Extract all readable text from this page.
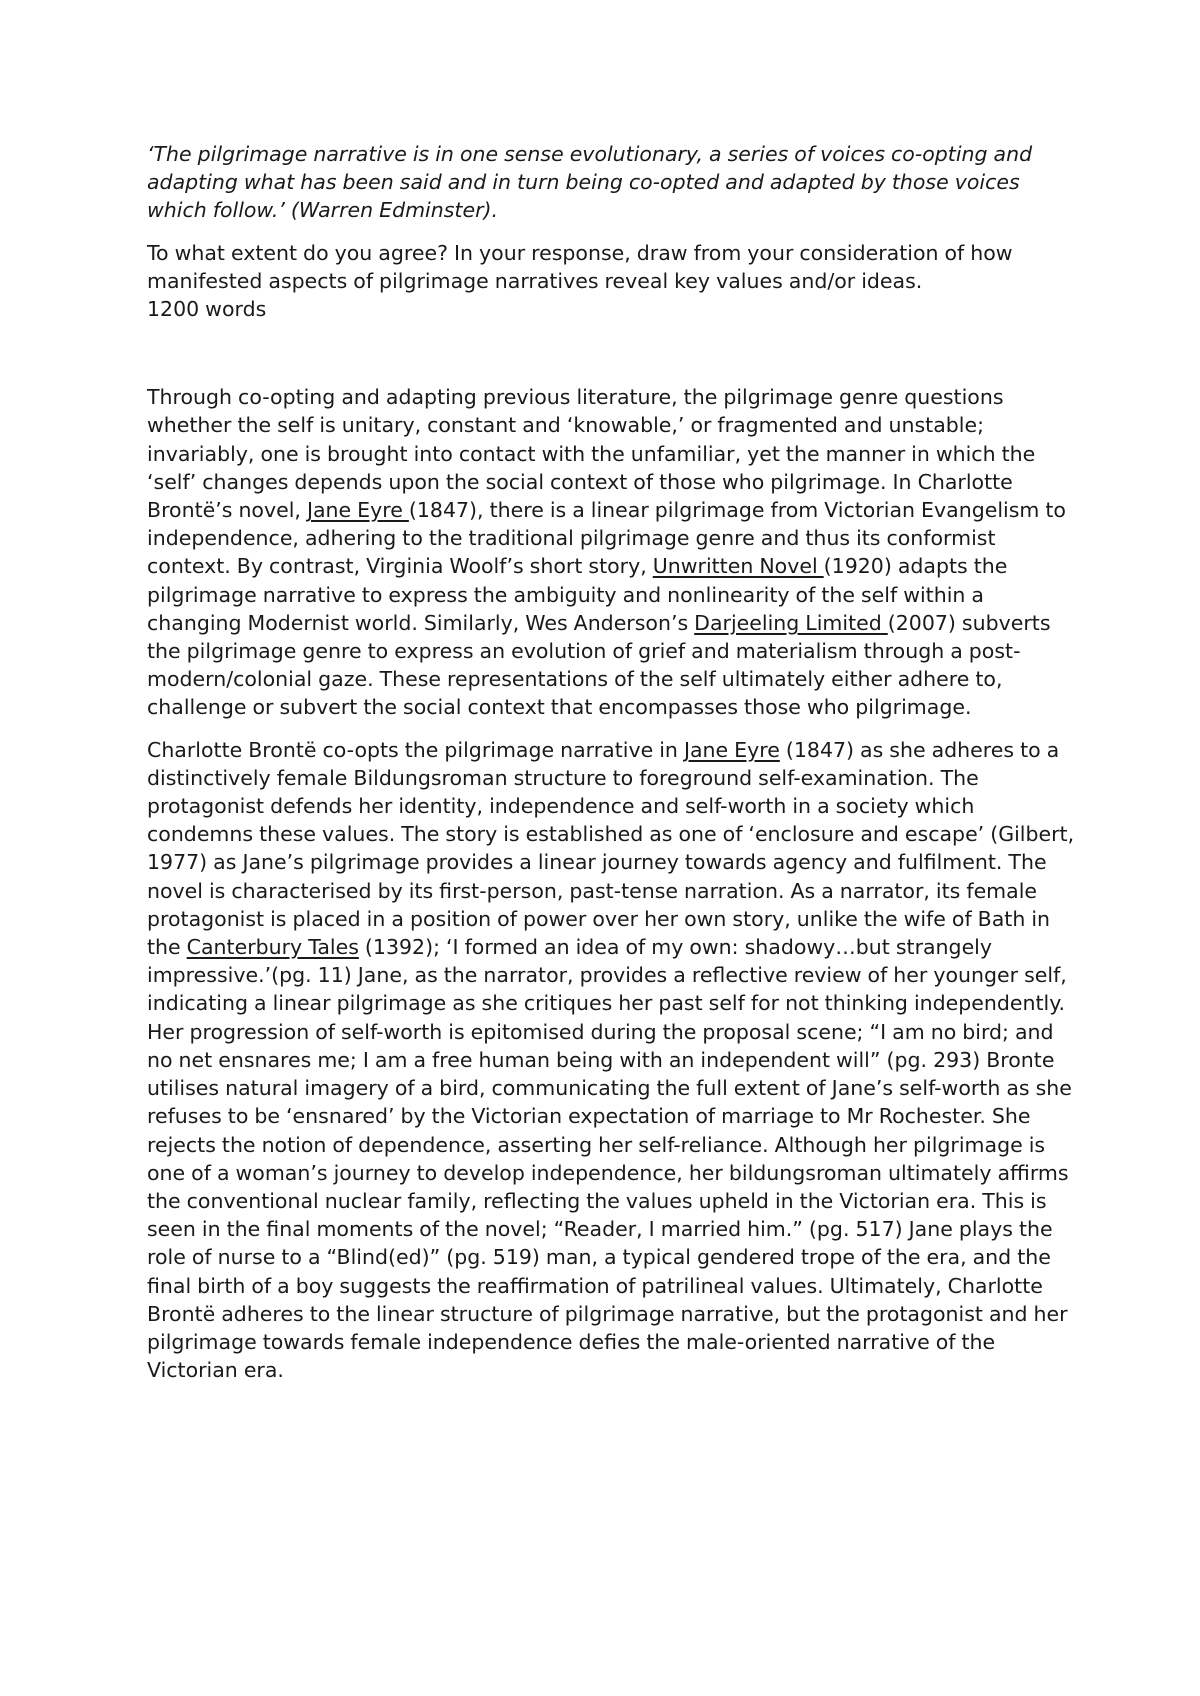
‘The pilgrimage narrative is in one sense evolutionary, a series of voices co-opting and adapting what has been said and in turn being co-opted and adapted by those voices which follow.’ (Warren Edminster).

To what extent do you agree? In your response, draw from your consideration of how manifested aspects of pilgrimage narratives reveal key values and/or ideas.
1200 words

Through co-opting and adapting previous literature, the pilgrimage genre questions whether the self is unitary, constant and ‘knowable,’ or fragmented and unstable; invariably, one is brought into contact with the unfamiliar, yet the manner in which the ‘self’ changes depends upon the social context of those who pilgrimage. In Charlotte Brontë’s novel, Jane Eyre (1847), there is a linear pilgrimage from Victorian Evangelism to independence, adhering to the traditional pilgrimage genre and thus its conformist context. By contrast, Virginia Woolf’s short story, Unwritten Novel (1920) adapts the pilgrimage narrative to express the ambiguity and nonlinearity of the self within a changing Modernist world. Similarly, Wes Anderson’s Darjeeling Limited (2007) subverts the pilgrimage genre to express an evolution of grief and materialism through a post-modern/colonial gaze. These representations of the self ultimately either adhere to, challenge or subvert the social context that encompasses those who pilgrimage.

Charlotte Brontë co-opts the pilgrimage narrative in Jane Eyre (1847) as she adheres to a distinctively female Bildungsroman structure to foreground self-examination. The protagonist defends her identity, independence and self-worth in a society which condemns these values. The story is established as one of ‘enclosure and escape’ (Gilbert, 1977) as Jane’s pilgrimage provides a linear journey towards agency and fulfilment. The novel is characterised by its first-person, past-tense narration. As a narrator, its female protagonist is placed in a position of power over her own story, unlike the wife of Bath in the Canterbury Tales (1392); ‘I formed an idea of my own: shadowy…but strangely impressive.’(pg. 11) Jane, as the narrator, provides a reflective review of her younger self, indicating a linear pilgrimage as she critiques her past self for not thinking independently. Her progression of self-worth is epitomised during the proposal scene; “I am no bird; and no net ensnares me; I am a free human being with an independent will” (pg. 293) Bronte utilises natural imagery of a bird, communicating the full extent of Jane’s self-worth as she refuses to be ‘ensnared’ by the Victorian expectation of marriage to Mr Rochester. She rejects the notion of dependence, asserting her self-reliance. Although her pilgrimage is one of a woman’s journey to develop independence, her bildungsroman ultimately affirms the conventional nuclear family, reflecting the values upheld in the Victorian era. This is seen in the final moments of the novel; “Reader, I married him.” (pg. 517) Jane plays the role of nurse to a “Blind(ed)” (pg. 519) man, a typical gendered trope of the era, and the final birth of a boy suggests the reaffirmation of patrilineal values. Ultimately, Charlotte Brontë adheres to the linear structure of pilgrimage narrative, but the protagonist and her pilgrimage towards female independence defies the male-oriented narrative of the Victorian era.
